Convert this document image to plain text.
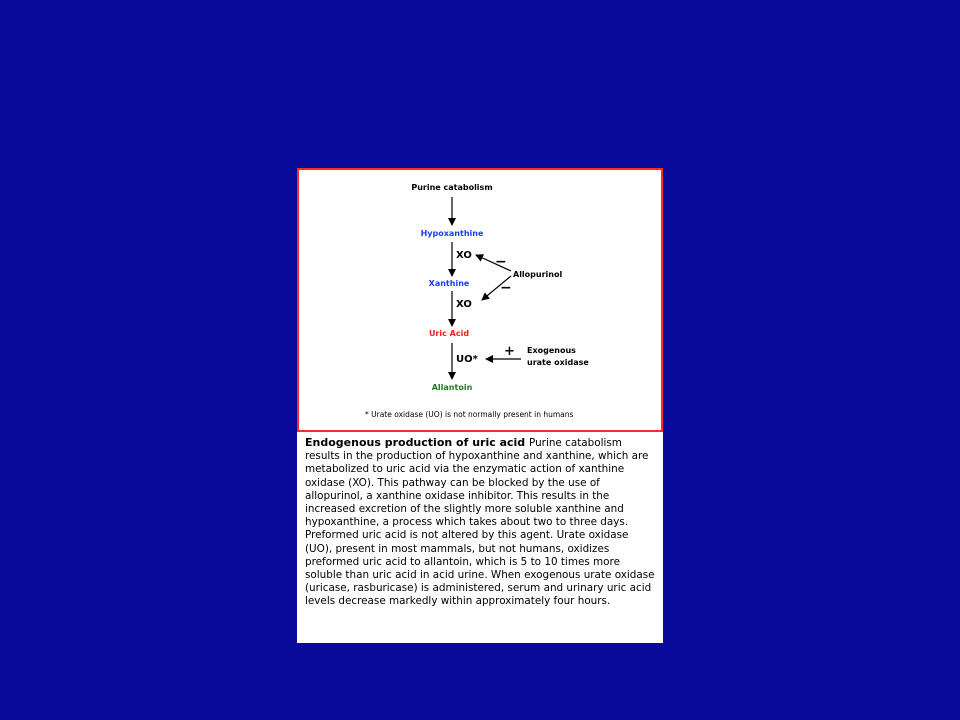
Purine catabolism
Hypoxanthine
XO
Xanthine
XO
Uric Acid
UO*
Allantoin
Allopurinol
−
−
Exogenous
urate oxidase
+
* Urate oxidase (UO) is not normally present in humans
Endogenous production of uric acid Purine catabolism results in the production of hypoxanthine and xanthine, which are metabolized to uric acid via the enzymatic action of xanthine oxidase (XO). This pathway can be blocked by the use of allopurinol, a xanthine oxidase inhibitor. This results in the increased excretion of the slightly more soluble xanthine and hypoxanthine, a process which takes about two to three days. Preformed uric acid is not altered by this agent. Urate oxidase (UO), present in most mammals, but not humans, oxidizes preformed uric acid to allantoin, which is 5 to 10 times more soluble than uric acid in acid urine. When exogenous urate oxidase (uricase, rasburicase) is administered, serum and urinary uric acid levels decrease markedly within approximately four hours.
